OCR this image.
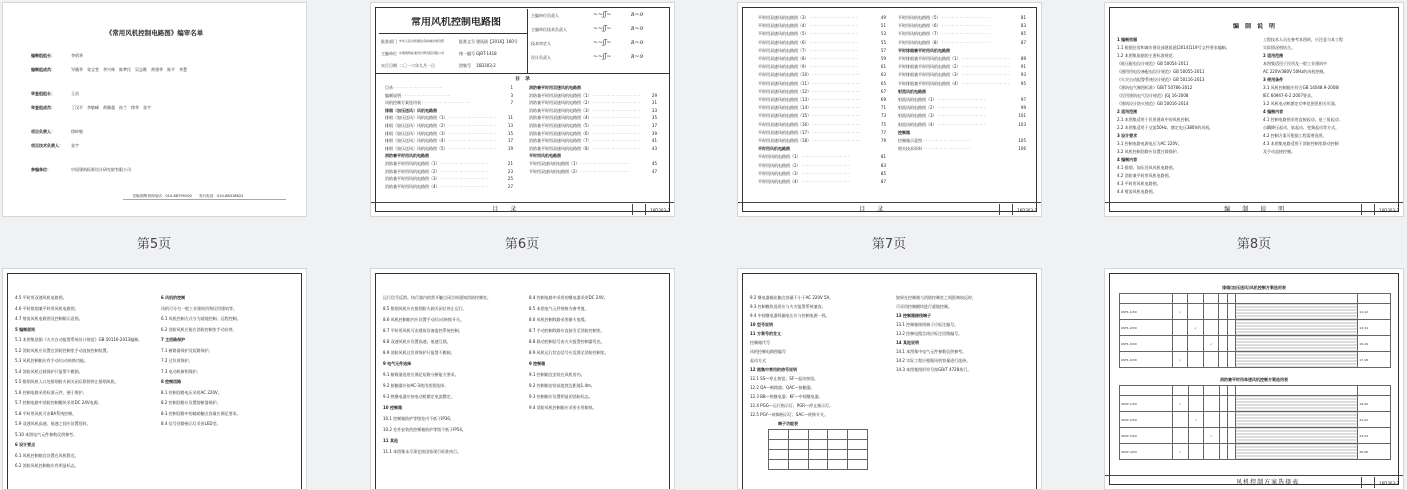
《常用风机控制电路图》编审名单
编制组组长：	李炳华
编制组成员：	岑薇华　张宝堂　李兴林　陈梦民　吴志维　黄建华　陈平　李慧
审查组组长：	王昌
审查组成员：	丁汉平　李敏峰　黄顺超　孙兰　徐华　张宇
项目负责人：	徐岭敏
项目技术负责人： 张宇
参编单位：	中国建筑标准设计研究院有限公司
国标图集咨询电话：010-68799100　　发行电话：010-68318822
第5页
常用风机控制电路图
批准部门 中华人民共和国住房和城乡建设部	批准文号 建质函【2016】160号
主编单位 中国建筑标准设计研究院有限公司	统一编号 GJBT-1418
实行日期 二〇一六年九月一日	图集号 16D303-2
主编单位负责人	~~ʃʃ~	ʀ~ɘ
主编单位技术负责人	~~ʃʃ~	ʀ~ɘ
技术审定人	~~ʃʃ~	ʀ~ɘ
设计负责人	~~ʃʃ~	ʀ~ɘ
目　录
目录 · · · · · · · · · · · · · · · · · · ·	1
编制说明 · · · · · · · · · · · · · · · · · · ·	3
风机控制方案选用表 · · · · · · · · · · · · · · · · · · ·	7
排烟（加压送风）风机电路图
排烟（加压送风）风机电路图（1） · · · · · · · · · · · · · · · · · · ·	11
排烟（加压送风）风机电路图（2） · · · · · · · · · · · · · · · · · · ·	13
排烟（加压送风）风机电路图（3） · · · · · · · · · · · · · · · · · · ·	15
排烟（加压送风）风机电路图（4） · · · · · · · · · · · · · · · · · · ·	17
排烟（加压送风）风机电路图（5） · · · · · · · · · · · · · · · · · · ·	19
消防兼平时用风机电路图
消防兼平时用风机电路图（1） · · · · · · · · · · · · · · · · · · ·	21
消防兼平时用风机电路图（2） · · · · · · · · · · · · · · · · · · ·	23
消防兼平时用风机电路图（3） · · · · · · · · · · · · · · · · · · ·	25
消防兼平时用风机电路图（4） · · · · · · · · · · · · · · · · · · ·	27
消防兼平时用双速风机电路图
消防兼平时用双速风机电路图（1） · · · · · · · · · · · · · · · · · · ·	29
消防兼平时用双速风机电路图（2） · · · · · · · · · · · · · · · · · · ·	31
消防兼平时用双速风机电路图（3） · · · · · · · · · · · · · · · · · · ·	33
消防兼平时用双速风机电路图（4） · · · · · · · · · · · · · · · · · · ·	35
消防兼平时用双速风机电路图（5） · · · · · · · · · · · · · · · · · · ·	37
消防兼平时用双速风机电路图（6） · · · · · · · · · · · · · · · · · · ·	39
消防兼平时用双速风机电路图（7） · · · · · · · · · · · · · · · · · · ·	41
消防兼平时用双速风机电路图（8） · · · · · · · · · · · · · · · · · · ·	43
平时用风机电路图
平时用双速风机电路图（1） · · · · · · · · · · · · · · · · · · ·	45
平时用双速风机电路图（2） · · · · · · · · · · · · · · · · · · ·	47
目　录	16D303-2
第6页
平时用双速风机电路图（3） · · · · · · · · · · · · · · · · · · ·	49
平时用双速风机电路图（4） · · · · · · · · · · · · · · · · · · ·	51
平时用双速风机电路图（5） · · · · · · · · · · · · · · · · · · ·	53
平时用双速风机电路图（6） · · · · · · · · · · · · · · · · · · ·	55
平时用双速风机电路图（7） · · · · · · · · · · · · · · · · · · ·	57
平时用双速风机电路图（8） · · · · · · · · · · · · · · · · · · ·	59
平时用双速风机电路图（9） · · · · · · · · · · · · · · · · · · ·	61
平时用双速风机电路图（10） · · · · · · · · · · · · · · · · · · ·	63
平时用双速风机电路图（11） · · · · · · · · · · · · · · · · · · ·	65
平时用双速风机电路图（12） · · · · · · · · · · · · · · · · · · ·	67
平时用双速风机电路图（13） · · · · · · · · · · · · · · · · · · ·	69
平时用双速风机电路图（14） · · · · · · · · · · · · · · · · · · ·	71
平时用双速风机电路图（15） · · · · · · · · · · · · · · · · · · ·	73
平时用双速风机电路图（16） · · · · · · · · · · · · · · · · · · ·	75
平时用双速风机电路图（17） · · · · · · · · · · · · · · · · · · ·	77
平时用双速风机电路图（18） · · · · · · · · · · · · · · · · · · ·	79
平时用风机电路图
平时用风机电路图（1） · · · · · · · · · · · · · · · · · · ·	81
平时用风机电路图（2） · · · · · · · · · · · · · · · · · · ·	83
平时用风机电路图（3） · · · · · · · · · · · · · · · · · · ·	85
平时用风机电路图（4） · · · · · · · · · · · · · · · · · · ·	87
平时用风机电路图（5） · · · · · · · · · · · · · · · · · · ·	81
平时用风机电路图（6） · · · · · · · · · · · · · · · · · · ·	83
平时用风机电路图（7） · · · · · · · · · · · · · · · · · · ·	85
平时用风机电路图（8） · · · · · · · · · · · · · · · · · · ·	87
平时排烟兼平时用风机电路图
平时排烟兼平时用风机电路图（1） · · · · · · · · · · · · · · · · · · ·	89
平时排烟兼平时用风机电路图（2） · · · · · · · · · · · · · · · · · · ·	91
平时排烟兼平时用风机电路图（3） · · · · · · · · · · · · · · · · · · ·	93
平时排烟兼平时用风机电路图（4） · · · · · · · · · · · · · · · · · · ·	95
射流风机电路图
射流风机电路图（1） · · · · · · · · · · · · · · · · · · ·	97
射流风机电路图（2） · · · · · · · · · · · · · · · · · · ·	99
射流风机电路图（3） · · · · · · · · · · · · · · · · · · ·	101
射流风机电路图（4） · · · · · · · · · · · · · · · · · · ·	103
控制箱
控制箱示意图 · · · · · · · · · · · · · · · · · · ·	105
相关技术资料 · · · · · · · · · · · · · · · · · · ·	106
目　录	16D303-2
第7页
编　制　说　明
1 编制依据
1.1 根据住房和城乡建设部建质函[2014]119号文件要求编制。
1.2 本图集依据的主要标准规范：
《低压配电设计规范》GB 50054-2011
《通用用电设备配电设计规范》GB 50055-2011
《火灾自动报警系统设计规范》GB 50116-2013
《建筑电气制图标准》GB/T 50786-2012
《民用建筑电气设计规范》JGJ 16-2008
《建筑设计防火规范》GB 50016-2014
2 适用范围
2.1 本图集适用于民用建筑中的风机控制。
2.2 本图集适用于交流50Hz、额定电压380V的风机。
3 设计要求
3.1 控制电路电源电压为AC 220V。
3.2 风机控制回路应设置过载保护。
4 编制内容
4.1 排烟、加压送风风机电路图。
4.2 消防兼平时用风机电路图。
4.3 平时用风机电路图。
4.4 射流风机电路图。
工程技术人员在参考本图时，应注意与本工程
实际情况相结合。
2 适用范围
本图集适用于民用及一般工业建筑中
AC 220V/380V 50Hz的风机控制。
3 使用条件
3.1 风机控制箱应符合GB 14048.9-2008/
IEC 60947-6-2:2007要求。
3.2 风机电动机额定功率范围见相关页面。
4 编制内容
4.1 控制电路图采用直接起动、星三角起动、
自耦降压起动、软起动、变频起动等方式。
4.2 控制方案可根据工程需要选用。
4.3 本图集电路适用于消防控制室联动控制
及手动直接控制。
编　制　说　明	16D303-2
第8页
4.5 平时用双速风机电路图。
4.6 平时排烟兼平时用风机电路图。
4.7 射流风机电路图及控制箱示意图。
5 编制原则
5.1 本图集依据《火灾自动报警系统设计规范》GB 50116-2013编制。
5.2 消防风机应设置在消防控制室手动直接控制装置。
5.3 风机控制箱应有手动/自动转换功能。
5.4 消防风机过载保护只报警不跳闸。
5.5 排烟风机入口处排烟防火阀关闭后联锁停止排烟风机。
5.6 控制电路采用标准元件，便于维护。
5.7 控制电路中消防控制模块采用DC 24V电源。
5.8 平时用风机可由BA系统控制。
5.9 双速风机高速、低速之间应设置延时。
5.10 本图电气元件参数仅供参考。
6 设计要点
6.1 风机控制箱宜设置在风机附近。
6.2 消防风机控制箱应有明显标志。
6 风机的控制
风机可分为一般工业建筑用和民用建筑等。
6.1 风机控制方式分为就地控制、远程控制。
6.2 消防风机应能在消防控制室手动启停。
7 主回路保护
7.1 断路器保护及短路保护。
7.2 过负荷保护。
7.3 电动机断相保护。
8 控制回路
8.1 控制回路电压采用AC 220V。
8.2 控制回路应设置熔断器保护。
8.3 控制回路中的辅助触点容量应满足要求。
8.4 信号回路指示灯采用LED型。
运行信号反馈。执行器内的常开触点闭合时通知消防控制室。
8.5 排烟风机应在排烟防火阀关闭后停止运行。
8.6 风机控制箱内应设置手动/自动转换开关。
8.7 平时用风机可由建筑设备监控系统控制。
8.8 双速风机应设置高速、低速互锁。
8.9 消防风机过负荷保护只报警不跳闸。
9 电气元件选择
9.1 断路器选用应满足短路分断能力要求。
9.2 接触器应按AC-3使用类别选择。
9.3 热继电器应按电动机额定电流整定。
10 控制箱
10.1 控制箱防护等级室内不低于IP30。
10.2 室外安装的控制箱防护等级不低于IP54。
11 其他
11.1 本图集未尽事宜按国家现行标准执行。
8.4 控制电路中采用的继电器采用DC 24V。
8.5 本图电气元件规格为参考值。
8.6 风机控制线路采用耐火电缆。
8.7 手动控制线路应直接引至消防控制室。
8.8 联动控制信号由火灾报警控制器发出。
8.9 风机运行状态信号应反馈至消防控制室。
9 控制箱
9.1 控制箱宜安装在风机房内。
9.2 控制箱安装高度底边距地1.4m。
9.3 控制箱应设置明显的消防标志。
9.4 消防风机控制箱应采用专用箱体。
9.2 继电器输出触点容量不小于AC 220V 5A。
9.3 控制模块选用应与火灾报警系统兼容。
9.4 中间继电器线圈电压应与控制电源一致。
10 型号说明
11 方案号的含义
控制箱代号
风机控制电路图编号
起动方式
12 图集中常用的信号说明
12.1 SS—停止按钮；SF—起动按钮。
12.2 QA—断路器；QAC—接触器。
12.3 BB—热继电器；KF—中间继电器。
12.4 PGG—运行指示灯；PGR—停止指示灯。
12.5 PGY—故障指示灯；SAC—转换开关。
如果在控制箱与消防控制室之间距离较远时，
可采用控制模块进行就地控制。
13 控制箱接线端子
13.1 控制箱接线端子应标注编号。
13.2 控制电缆芯线应标注回路编号。
14 其他说明
14.1 本图集中电气元件参数仅供参考。
14.2 实际工程应根据风机容量进行选择。
14.3 本图集图形符号按GB/T 4728执行。
端子功能表

排烟(加压送风)风机控制方案选用表

XKF1-1/XX	✓						11,12
XKF1-2/XX		✓					13,14
XKF1-3/XX			✓				15,16
XKF1-4/XX	✓						17,18
消防兼平时用单速风机控制方案选用表

XKXF-1/XX	✓						19,20
XKXF-2/XX		✓					21,22
XKXF-3/XX			✓				23,24
XKXF-4/XX	✓						25,26
风机控制方案选择表	16D303-2
